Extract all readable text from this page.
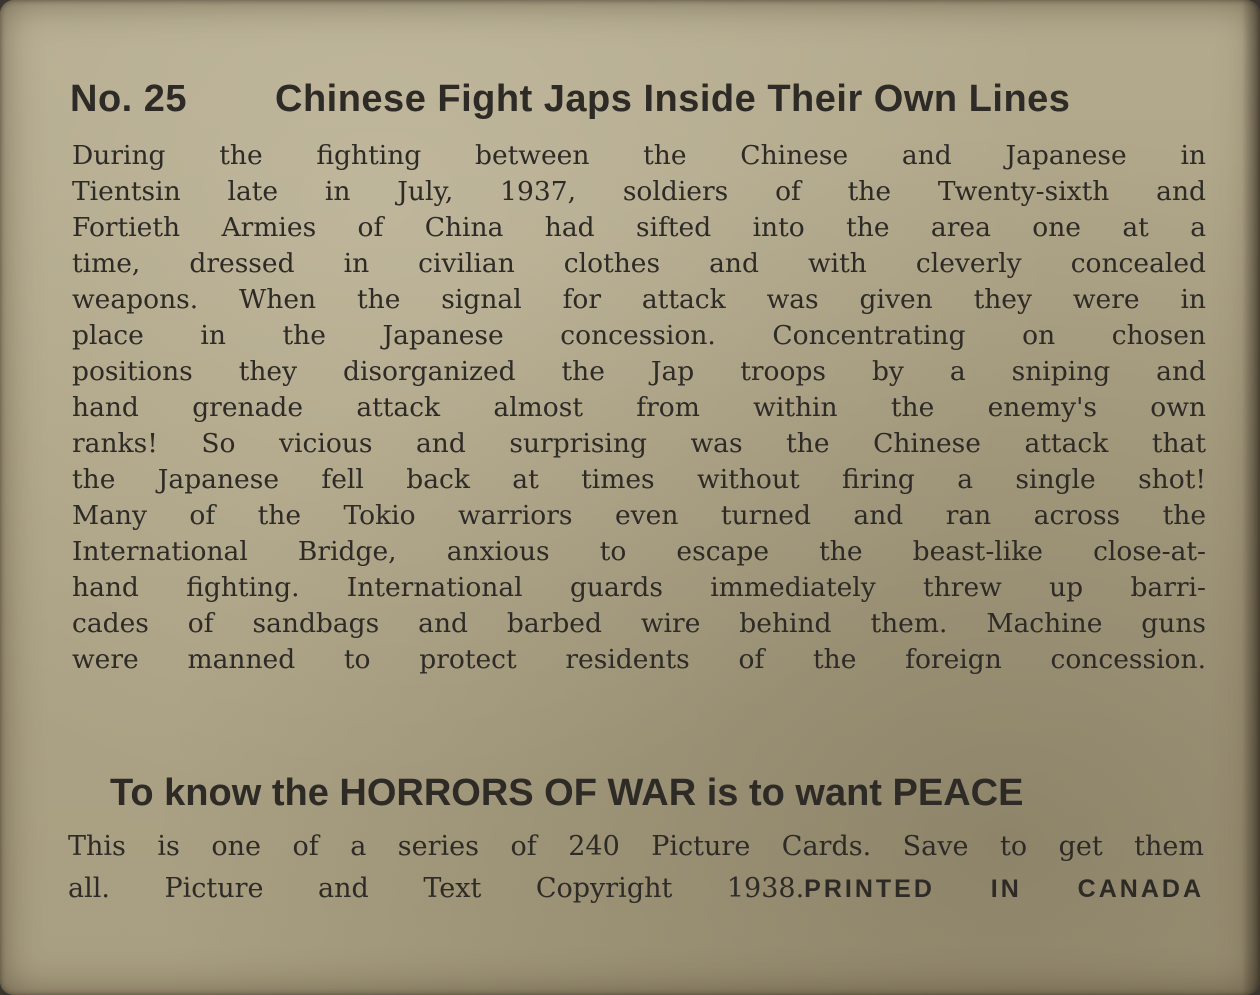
No. 25 Chinese Fight Japs Inside Their Own Lines
During the fighting between the Chinese and Japanese in
Tientsin late in July, 1937, soldiers of the Twenty-sixth and
Fortieth Armies of China had sifted into the area one at a
time, dressed in civilian clothes and with cleverly concealed
weapons. When the signal for attack was given they were in
place in the Japanese concession. Concentrating on chosen
positions they disorganized the Jap troops by a sniping and
hand grenade attack almost from within the enemy's own
ranks! So vicious and surprising was the Chinese attack that
the Japanese fell back at times without firing a single shot!
Many of the Tokio warriors even turned and ran across the
International Bridge, anxious to escape the beast-like close-at-
hand fighting. International guards immediately threw up barri-
cades of sandbags and barbed wire behind them. Machine guns
were manned to protect residents of the foreign concession.
To know the HORRORS OF WAR is to want PEACE
This is one of a series of 240 Picture Cards. Save to get them
all. Picture and Text Copyright 1938.PRINTED IN CANADA
